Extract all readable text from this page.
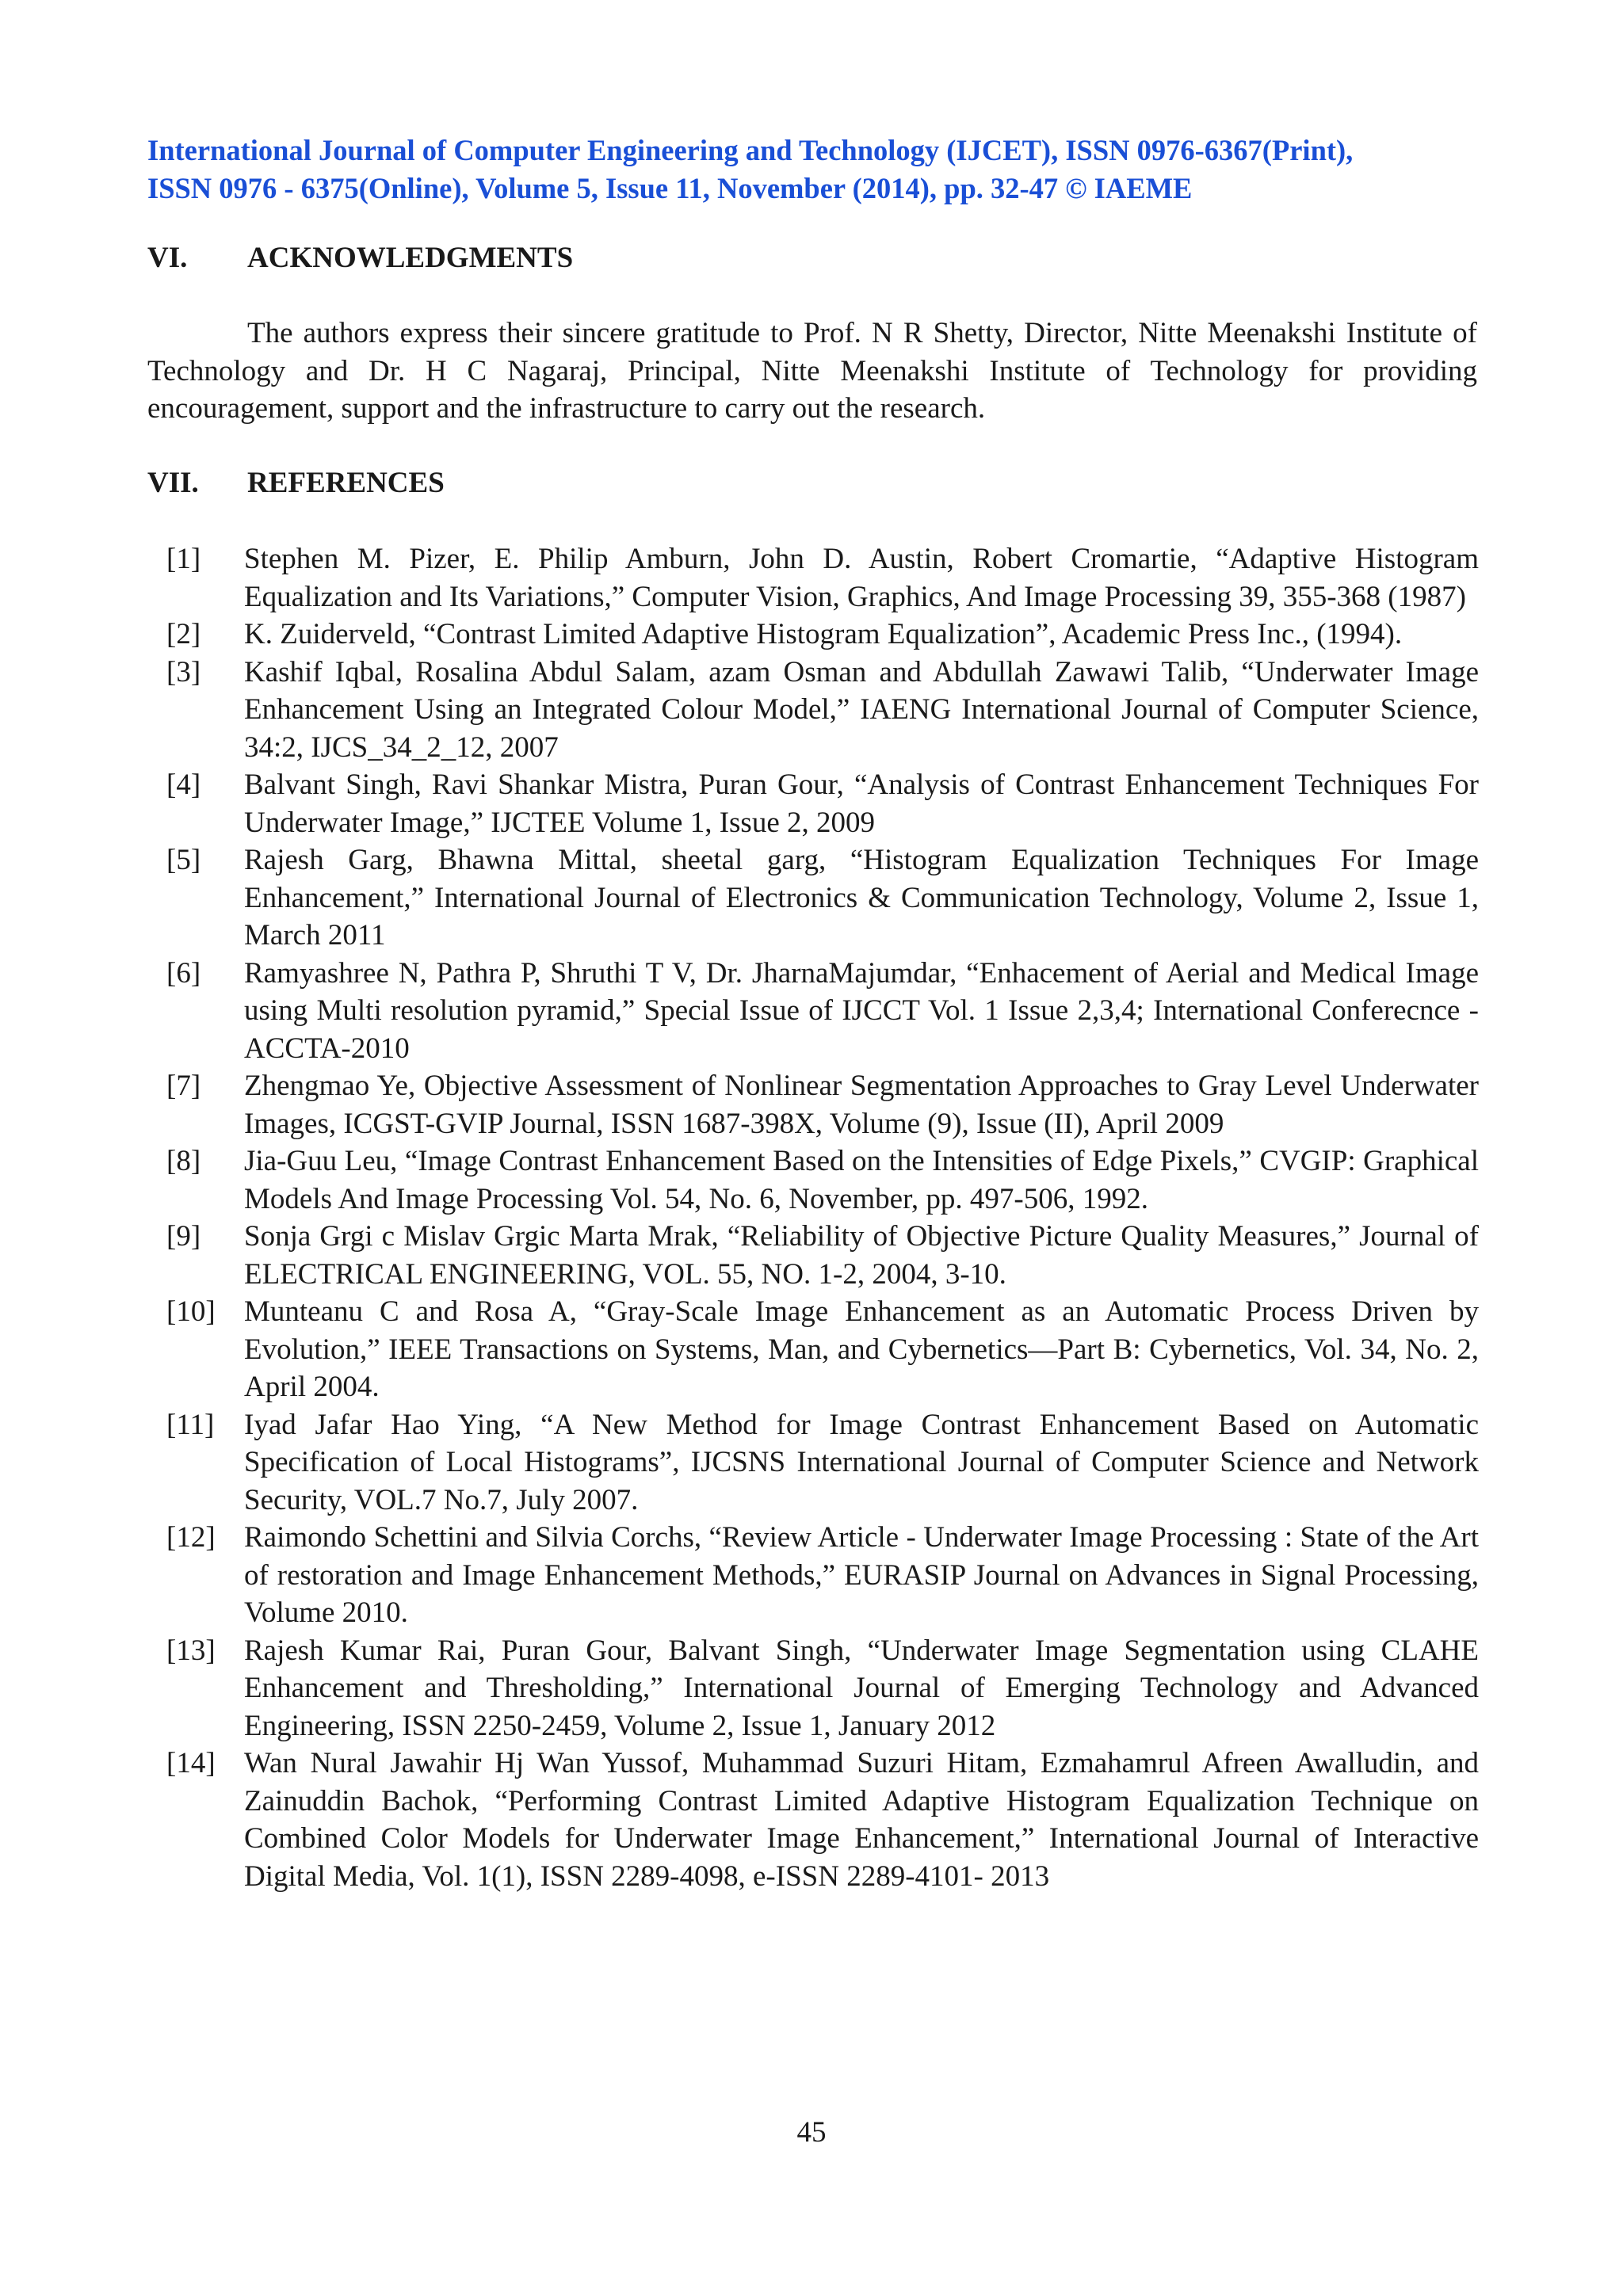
International Journal of Computer Engineering and Technology (IJCET), ISSN 0976-6367(Print),
ISSN 0976 - 6375(Online), Volume 5, Issue 11, November (2014), pp. 32-47 © IAEME
VI. ACKNOWLEDGMENTS
The authors express their sincere gratitude to Prof. N R Shetty, Director, Nitte Meenakshi Institute of Technology and Dr. H C Nagaraj, Principal, Nitte Meenakshi Institute of Technology for providing encouragement, support and the infrastructure to carry out the research.
VII. REFERENCES
[1]	Stephen M. Pizer, E. Philip Amburn, John D. Austin, Robert Cromartie, “Adaptive Histogram Equalization and Its Variations,” Computer Vision, Graphics, And Image Processing 39, 355-368 (1987)
[2]	K. Zuiderveld, “Contrast Limited Adaptive Histogram Equalization”, Academic Press Inc., (1994).
[3]	Kashif Iqbal, Rosalina Abdul Salam, azam Osman and Abdullah Zawawi Talib, “Underwater Image Enhancement Using an Integrated Colour Model,” IAENG International Journal of Computer Science, 34:2, IJCS_34_2_12, 2007
[4]	Balvant Singh, Ravi Shankar Mistra, Puran Gour, “Analysis of Contrast Enhancement Techniques For Underwater Image,” IJCTEE Volume 1, Issue 2, 2009
[5]	Rajesh Garg, Bhawna Mittal, sheetal garg, “Histogram Equalization Techniques For Image Enhancement,” International Journal of Electronics & Communication Technology, Volume 2, Issue 1, March 2011
[6]	Ramyashree N, Pathra P, Shruthi T V, Dr. JharnaMajumdar, “Enhacement of Aerial and Medical Image using Multi resolution pyramid,” Special Issue of IJCCT Vol. 1 Issue 2,3,4; International Conferecnce - ACCTA-2010
[7]	Zhengmao Ye, Objective Assessment of Nonlinear Segmentation Approaches to Gray Level Underwater Images, ICGST-GVIP Journal, ISSN 1687-398X, Volume (9), Issue (II), April 2009
[8]	Jia-Guu Leu, “Image Contrast Enhancement Based on the Intensities of Edge Pixels,” CVGIP: Graphical Models And Image Processing Vol. 54, No. 6, November, pp. 497-506, 1992.
[9]	Sonja Grgi c Mislav Grgic Marta Mrak, “Reliability of Objective Picture Quality Measures,” Journal of ELECTRICAL ENGINEERING, VOL. 55, NO. 1-2, 2004, 3-10.
[10] Munteanu C and Rosa A, “Gray-Scale Image Enhancement as an Automatic Process Driven by Evolution,” IEEE Transactions on Systems, Man, and Cybernetics—Part B: Cybernetics, Vol. 34, No. 2, April 2004.
[11]	Iyad Jafar Hao Ying, “A New Method for Image Contrast Enhancement Based on Automatic Specification of Local Histograms”, IJCSNS International Journal of Computer Science and Network Security, VOL.7 No.7, July 2007.
[12] Raimondo Schettini and Silvia Corchs, “Review Article - Underwater Image Processing : State of the Art of restoration and Image Enhancement Methods,” EURASIP Journal on Advances in Signal Processing, Volume 2010.
[13] Rajesh Kumar Rai, Puran Gour, Balvant Singh, “Underwater Image Segmentation using CLAHE Enhancement and Thresholding,” International Journal of Emerging Technology and Advanced Engineering, ISSN 2250-2459, Volume 2, Issue 1, January 2012
[14] Wan Nural Jawahir Hj Wan Yussof, Muhammad Suzuri Hitam, Ezmahamrul Afreen Awalludin, and Zainuddin Bachok, “Performing Contrast Limited Adaptive Histogram Equalization Technique on Combined Color Models for Underwater Image Enhancement,” International Journal of Interactive Digital Media, Vol. 1(1), ISSN 2289-4098, e-ISSN 2289-4101- 2013
45
